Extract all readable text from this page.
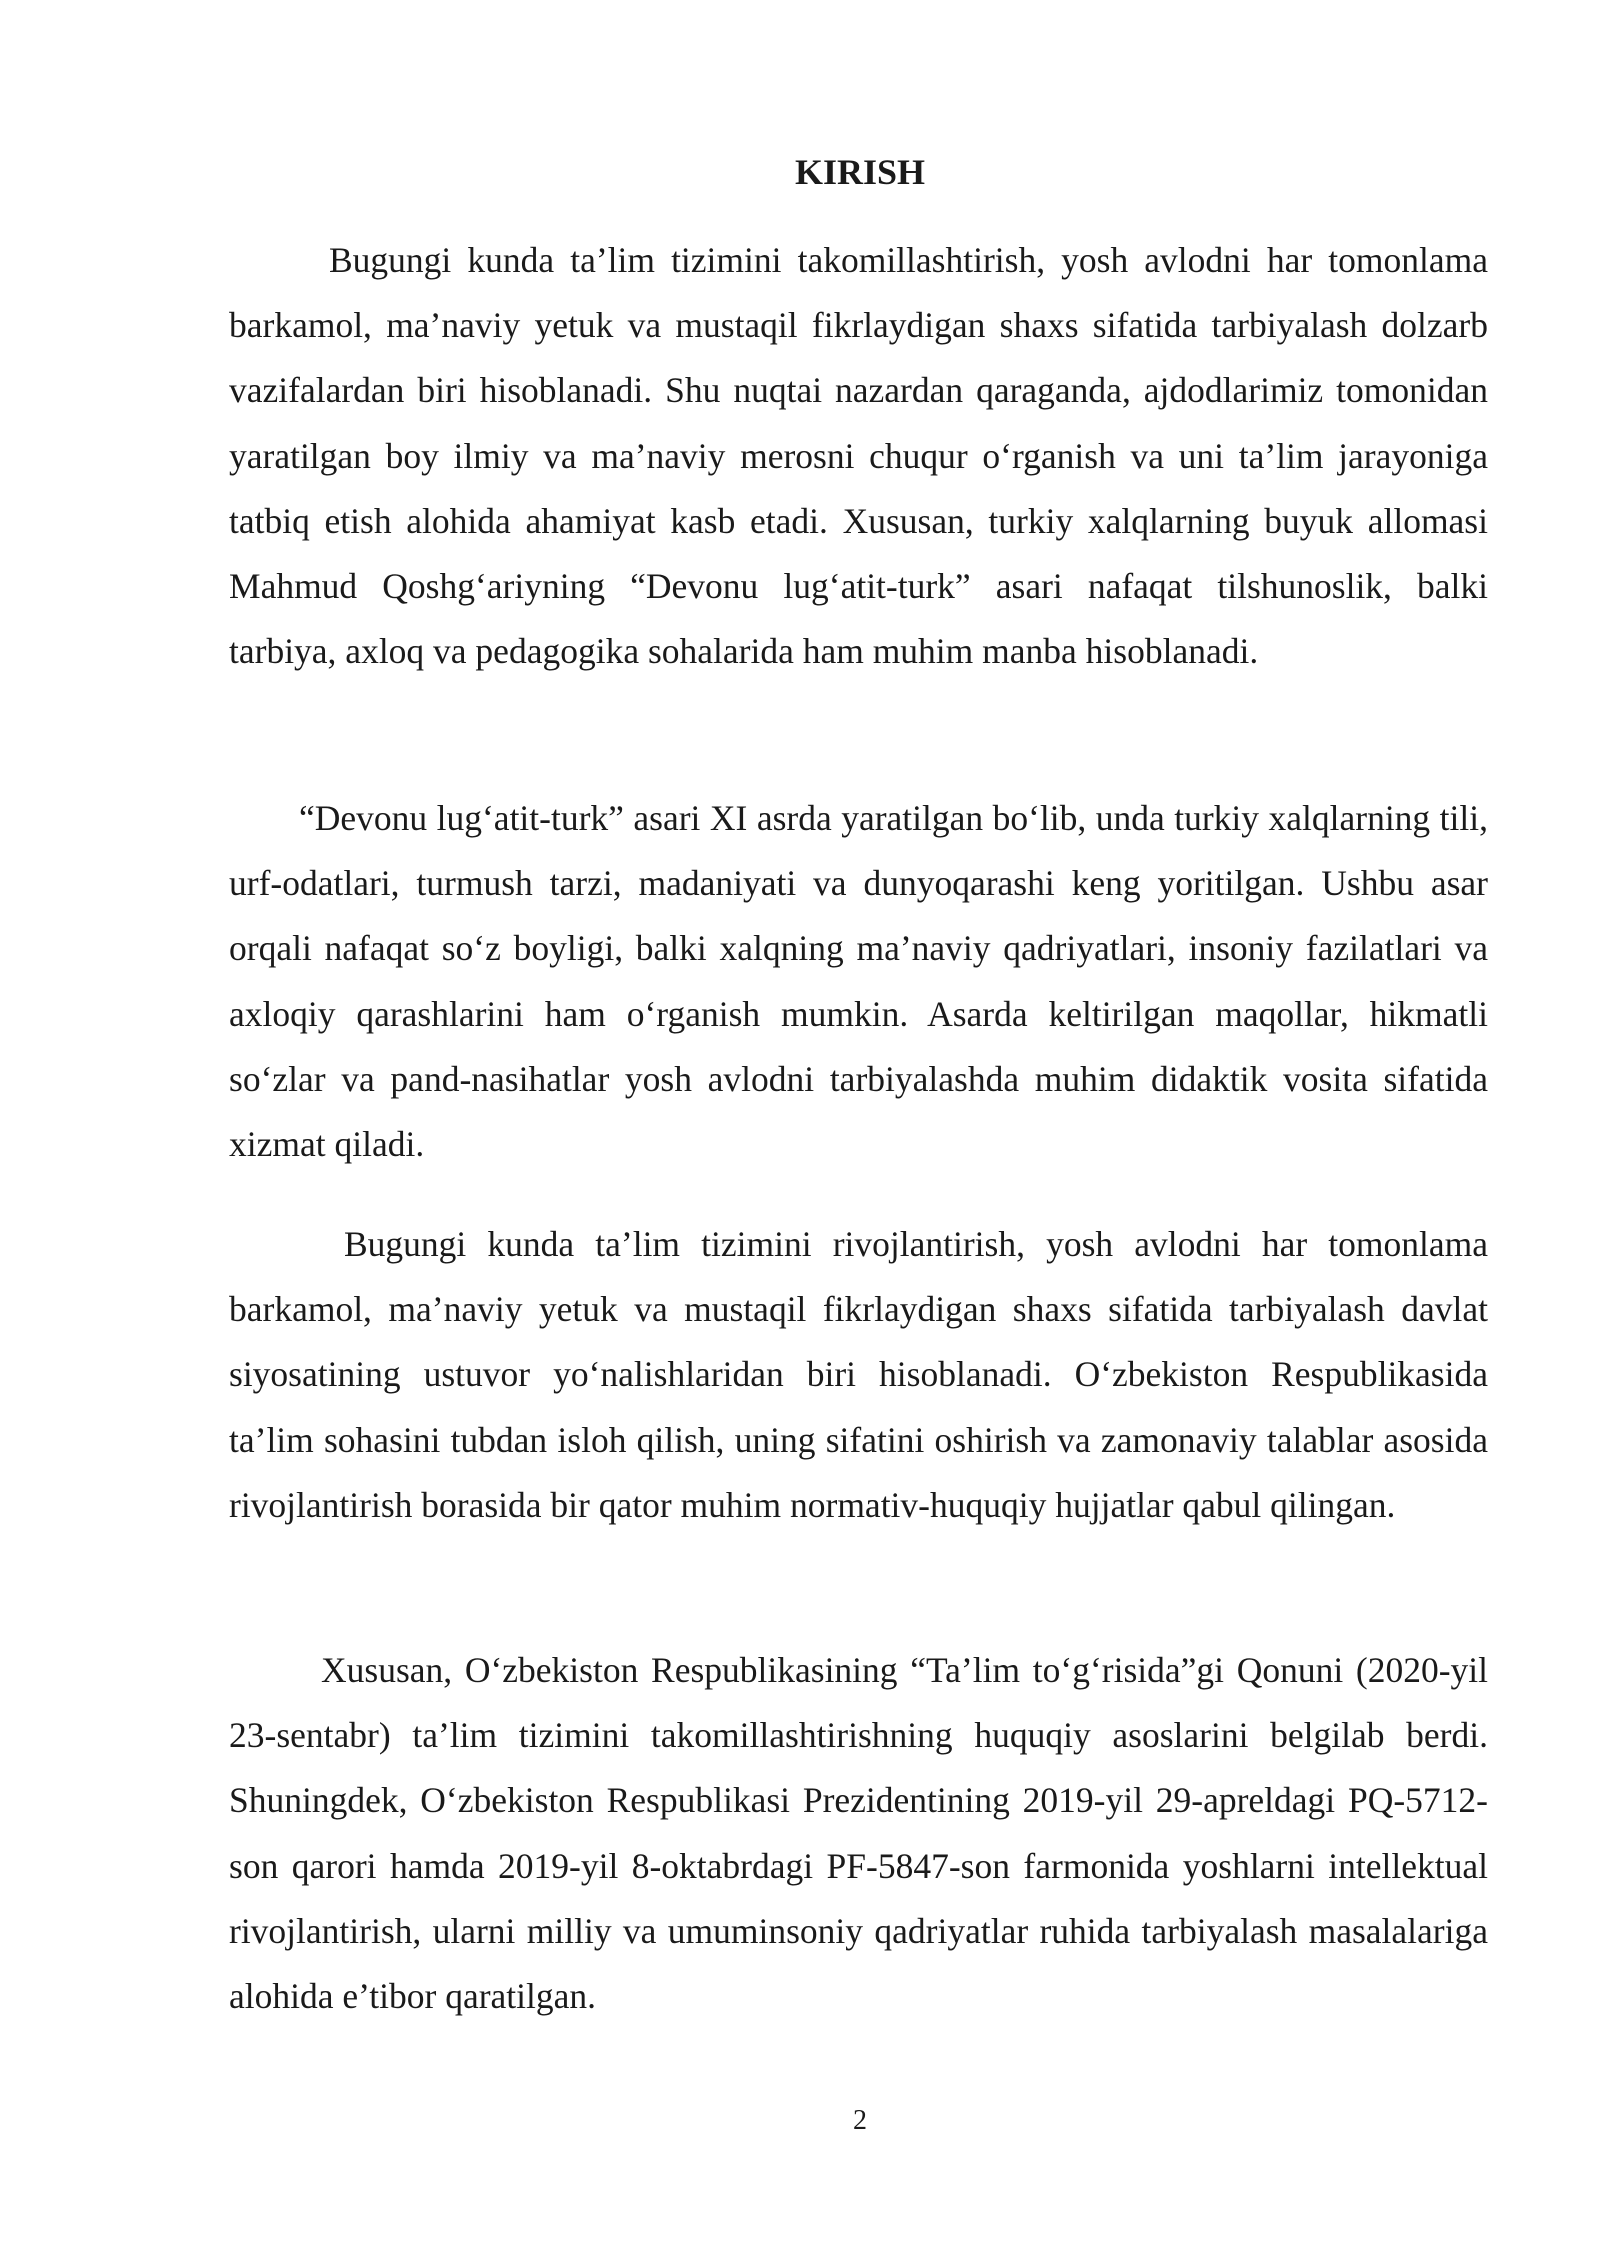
KIRISH

Bugungi kunda ta’lim tizimini takomillashtirish, yosh avlodni har tomonlama barkamol, ma’naviy yetuk va mustaqil fikrlaydigan shaxs sifatida tarbiyalash dolzarb vazifalardan biri hisoblanadi. Shu nuqtai nazardan qaraganda, ajdodlarimiz tomonidan yaratilgan boy ilmiy va ma’naviy merosni chuqur o‘rganish va uni ta’lim jarayoniga tatbiq etish alohida ahamiyat kasb etadi. Xususan, turkiy xalqlarning buyuk allomasi Mahmud Qoshg‘ariyning “Devonu lug‘atit-turk” asari nafaqat tilshunoslik, balki tarbiya, axloq va pedagogika sohalarida ham muhim manba hisoblanadi.

“Devonu lug‘atit-turk” asari XI asrda yaratilgan bo‘lib, unda turkiy xalqlarning tili, urf-odatlari, turmush tarzi, madaniyati va dunyoqarashi keng yoritilgan. Ushbu asar orqali nafaqat so‘z boyligi, balki xalqning ma’naviy qadriyatlari, insoniy fazilatlari va axloqiy qarashlarini ham o‘rganish mumkin. Asarda keltirilgan maqollar, hikmatli so‘zlar va pand-nasihatlar yosh avlodni tarbiyalashda muhim didaktik vosita sifatida xizmat qiladi.

Bugungi kunda ta’lim tizimini rivojlantirish, yosh avlodni har tomonlama barkamol, ma’naviy yetuk va mustaqil fikrlaydigan shaxs sifatida tarbiyalash davlat siyosatining ustuvor yo‘nalishlaridan biri hisoblanadi. O‘zbekiston Respublikasida ta’lim sohasini tubdan isloh qilish, uning sifatini oshirish va zamonaviy talablar asosida rivojlantirish borasida bir qator muhim normativ-huquqiy hujjatlar qabul qilingan.

Xususan, O‘zbekiston Respublikasining “Ta’lim to‘g‘risida”gi Qonuni (2020-yil 23-sentabr) ta’lim tizimini takomillashtirishning huquqiy asoslarini belgilab berdi. Shuningdek, O‘zbekiston Respublikasi Prezidentining 2019-yil 29-apreldagi PQ-5712-son qarori hamda 2019-yil 8-oktabrdagi PF-5847-son farmonida yoshlarni intellektual rivojlantirish, ularni milliy va umuminsoniy qadriyatlar ruhida tarbiyalash masalalariga alohida e’tibor qaratilgan.

2
